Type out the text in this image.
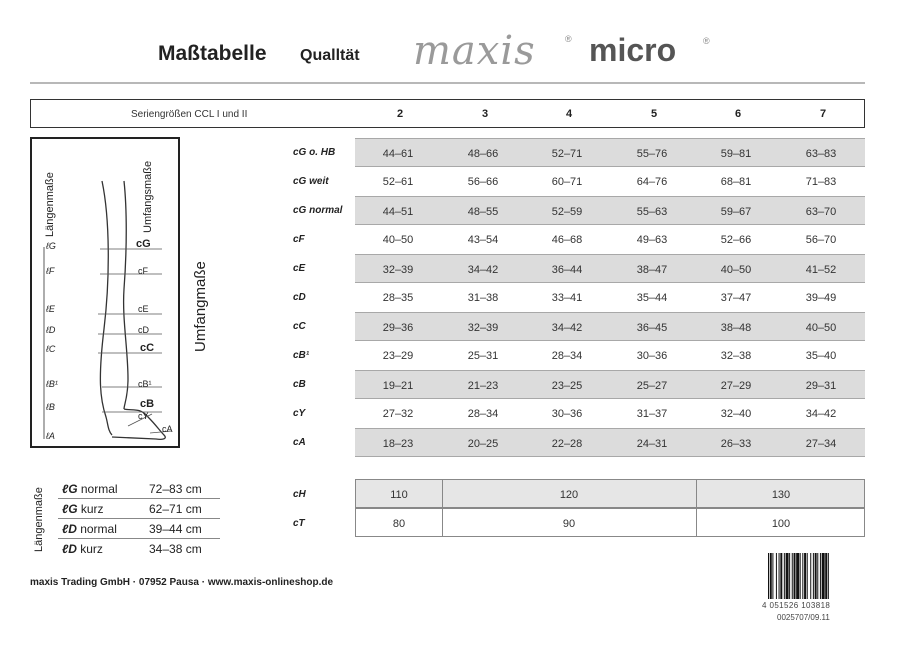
Maßtabelle Qualltät maxis	® micro	®
Seriengrößen CCL I und II	2	3	4	5	6	7
Längenmaße	Umfangsmaße
ℓG
ℓF
ℓE
ℓD
ℓC
ℓB¹
ℓB
ℓA
cG
cF
cE
cD
cC
cB¹
cB
cY
cA
Umfangmaße
cG o. HB	44–61	48–66	52–71	55–76	59–81	63–83
cG weit	52–61	56–66	60–71	64–76	68–81	71–83
cG normal	44–51	48–55	52–59	55–63	59–67	63–70
cF	40–50	43–54	46–68	49–63	52–66	56–70
cE	32–39	34–42	36–44	38–47	40–50	41–52
cD	28–35	31–38	33–41	35–44	37–47	39–49
cC	29–36	32–39	34–42	36–45	38–48	40–50
cB¹	23–29	25–31	28–34	30–36	32–38	35–40
cB	19–21	21–23	23–25	25–27	27–29	29–31
cY	27–32	28–34	30–36	31–37	32–40	34–42
cA	18–23	20–25	22–28	24–31	26–33	27–34
cH	110	120	130
cT	80	90	100
Längenmaße ℓG normal	72–83 cm
ℓG kurz	62–71 cm
ℓD normal	39–44 cm
ℓD kurz	34–38 cm
maxis Trading GmbH · 07952 Pausa · www.maxis-onlineshop.de
4 051526 103818
0025707/09.11
